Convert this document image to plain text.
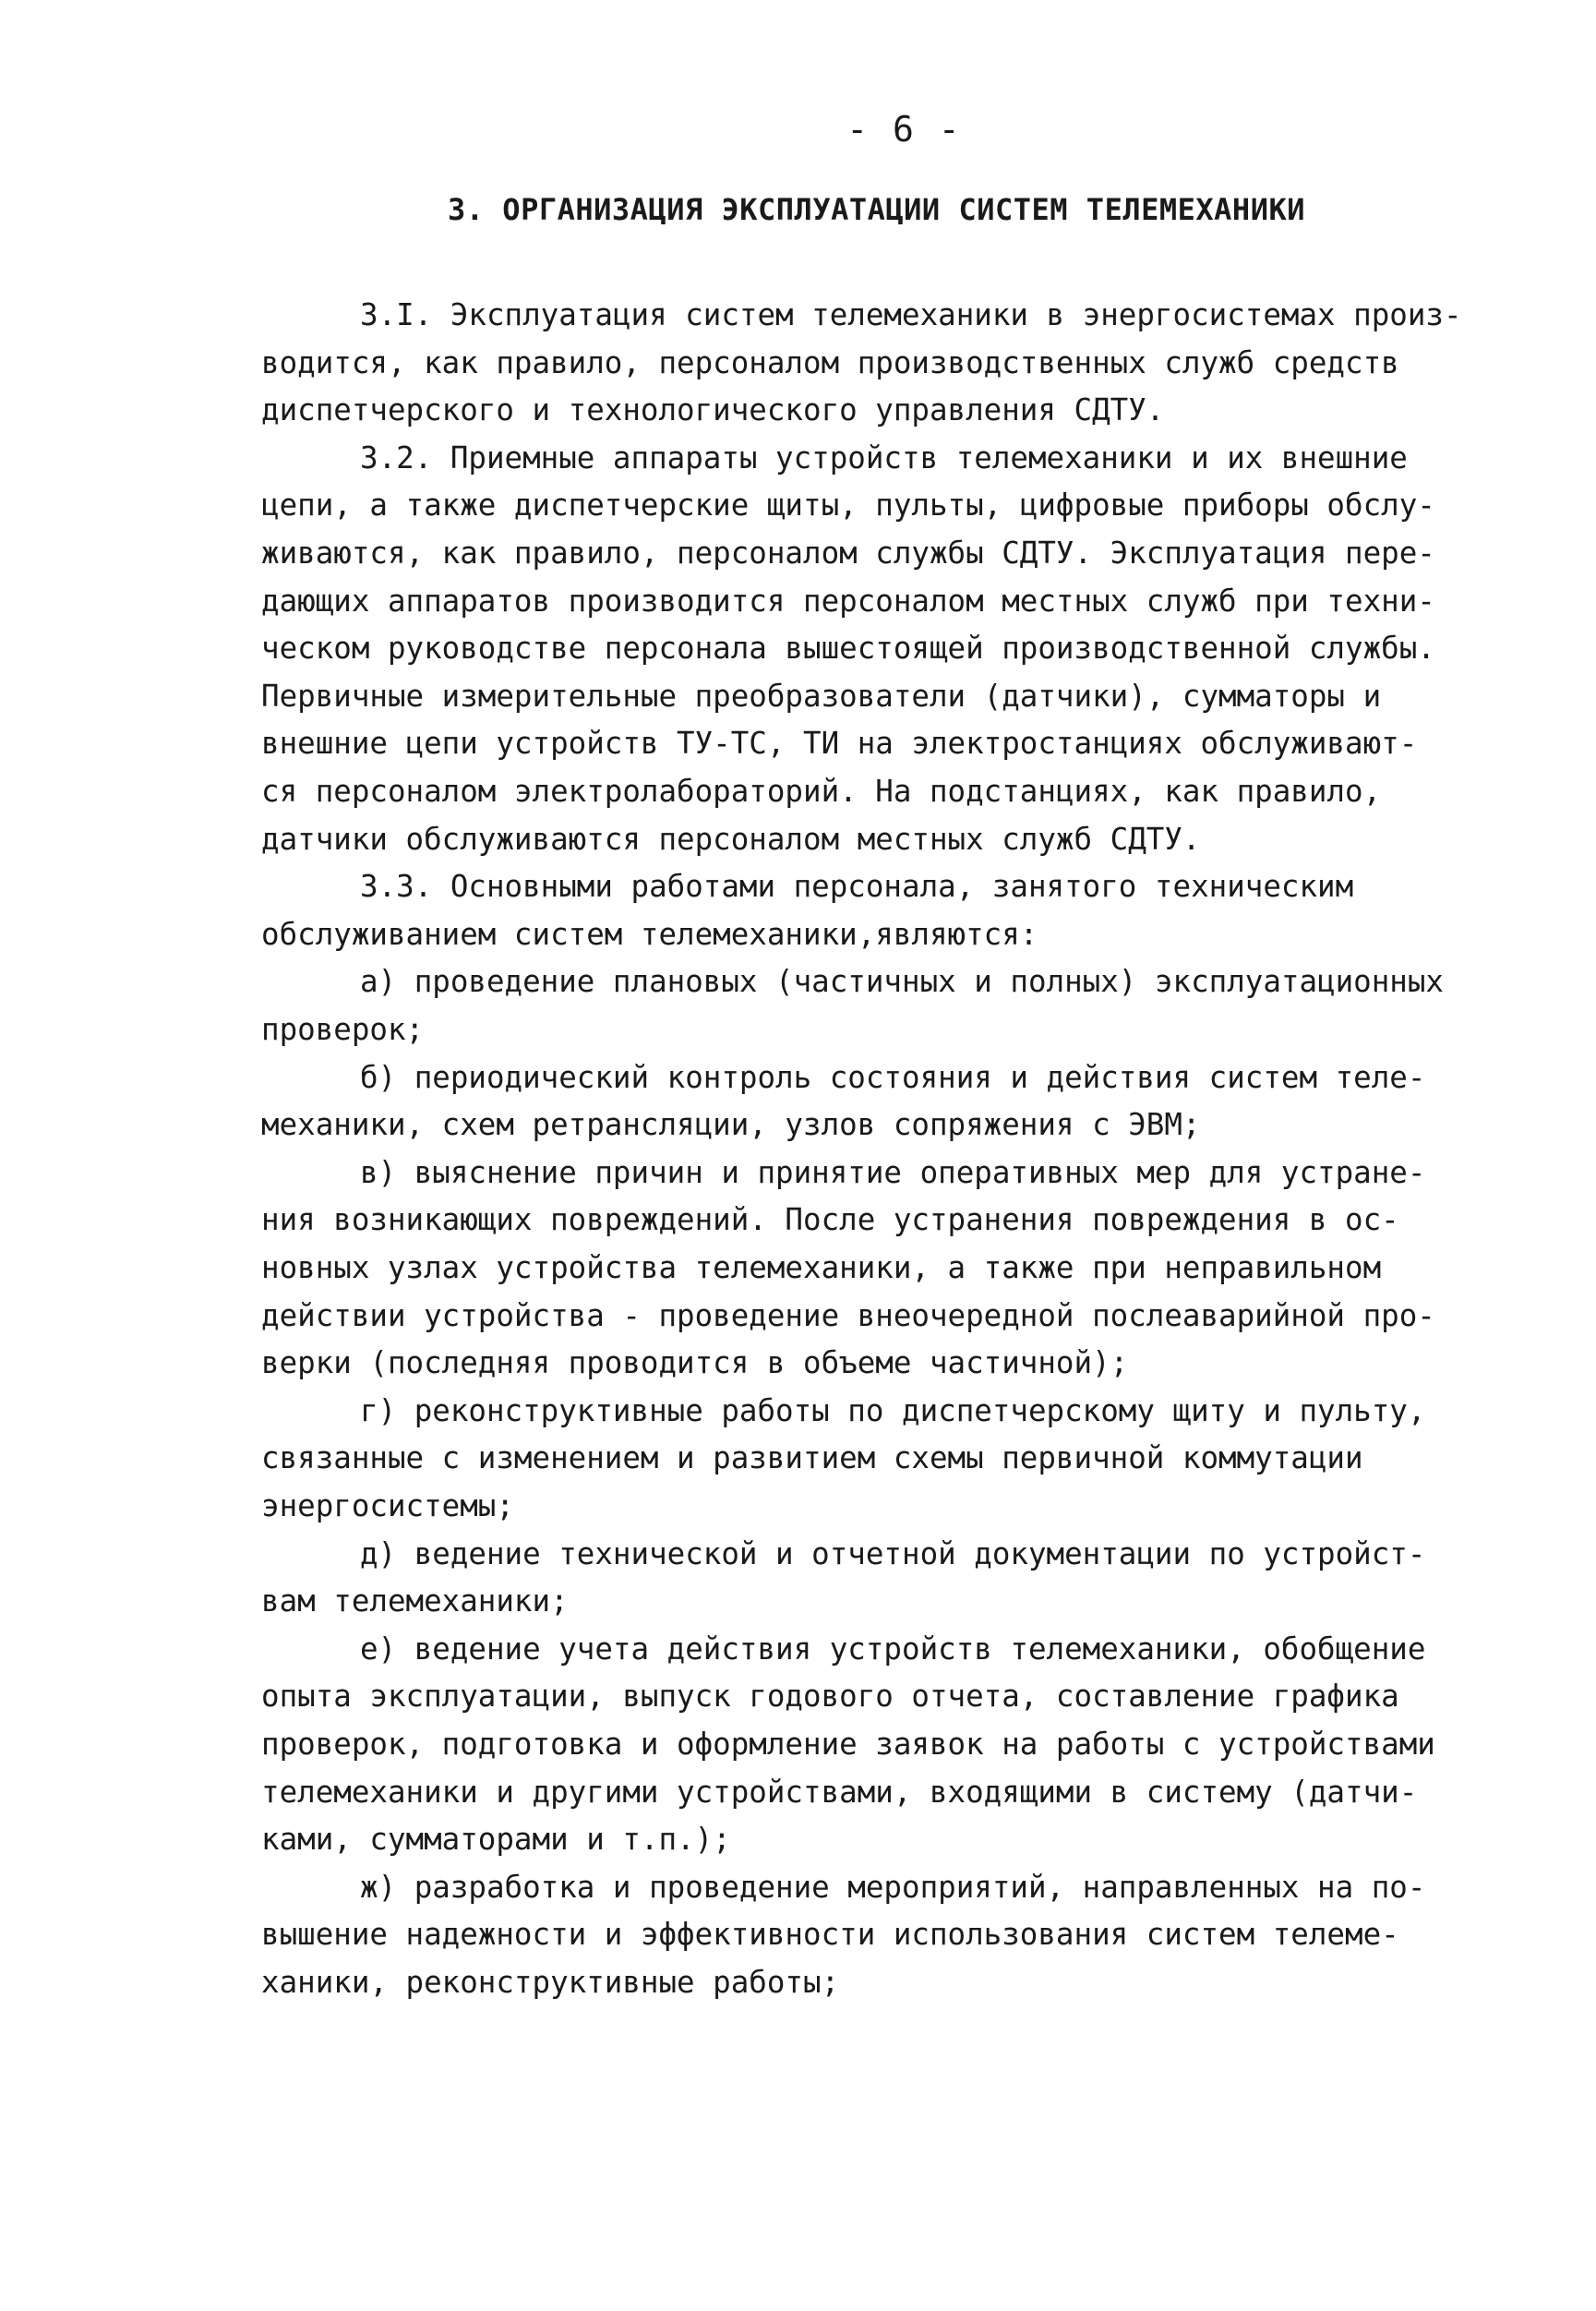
- 6 -
3. ОРГАНИЗАЦИЯ ЭКСПЛУАТАЦИИ СИСТЕМ ТЕЛЕМЕХАНИКИ
3.I. Эксплуатация систем телемеханики в энергосистемах произ-
водится, как правило, персоналом производственных служб средств
диспетчерского и технологического управления СДТУ.
3.2. Приемные аппараты устройств телемеханики и их внешние
цепи, а также диспетчерские щиты, пульты, цифровые приборы обслу-
живаются, как правило, персоналом службы СДТУ. Эксплуатация пере-
дающих аппаратов производится персоналом местных служб при техни-
ческом руководстве персонала вышестоящей производственной службы.
Первичные измерительные преобразователи (датчики), сумматоры и
внешние цепи устройств ТУ-ТС, ТИ на электростанциях обслуживают-
ся персоналом электролабораторий. На подстанциях, как правило,
датчики обслуживаются персоналом местных служб СДТУ.
3.3. Основными работами персонала, занятого техническим
обслуживанием систем телемеханики,являются:
а) проведение плановых (частичных и полных) эксплуатационных
проверок;
б) периодический контроль состояния и действия систем теле-
механики, схем ретрансляции, узлов сопряжения с ЭВМ;
в) выяснение причин и принятие оперативных мер для устране-
ния возникающих повреждений. После устранения повреждения в ос-
новных узлах устройства телемеханики, а также при неправильном
действии устройства - проведение внеочередной послеаварийной про-
верки (последняя проводится в объеме частичной);
г) реконструктивные работы по диспетчерскому щиту и пульту,
связанные с изменением и развитием схемы первичной коммутации
энергосистемы;
д) ведение технической и отчетной документации по устройст-
вам телемеханики;
е) ведение учета действия устройств телемеханики, обобщение
опыта эксплуатации, выпуск годового отчета, составление графика
проверок, подготовка и оформление заявок на работы с устройствами
телемеханики и другими устройствами, входящими в систему (датчи-
ками, сумматорами и т.п.);
ж) разработка и проведение мероприятий, направленных на по-
вышение надежности и эффективности использования систем телеме-
ханики, реконструктивные работы;
